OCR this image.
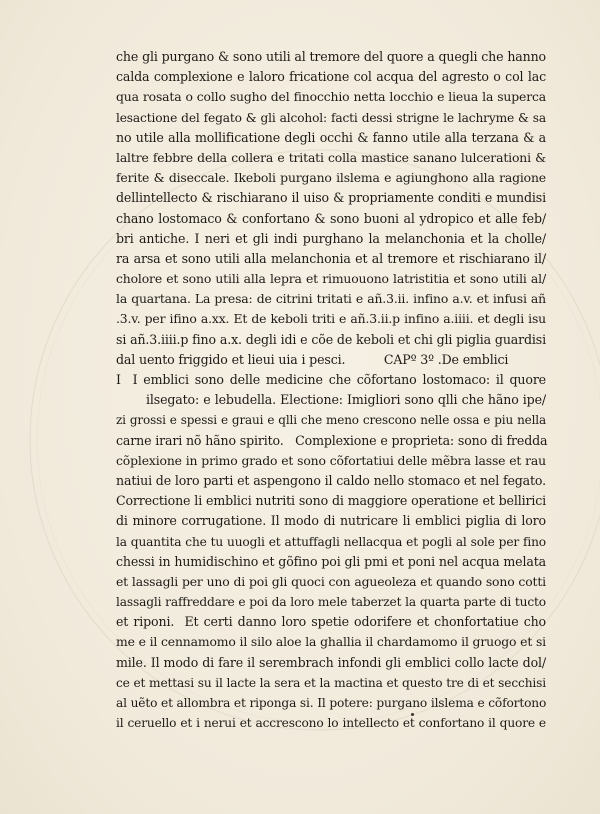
che gli purgano & sono utili al tremore del quore a quegli che hanno
calda complexione e laloro fricatione col acqua del agresto o col lac
qua rosata o collo sugho del finocchio netta locchio e lieua la superca
lesactione del fegato & gli alcohol: facti dessi strigne le lachryme & sa
no utile alla mollificatione degli occhi & fanno utile alla terzana & a
laltre febbre della collera e tritati colla mastice sanano lulcerationi &
ferite & diseccale. Ikeboli purgano ilslema e agiunghono alla ragione
dellintellecto & rischiarano il uiso & propriamente conditi e mundisi
chano lostomaco & confortano & sono buoni al ydropico et alle feb/
bri antiche. I neri et gli indi purghano la melanchonia et la cholle/
ra arsa et sono utili alla melanchonia et al tremore et rischiarano il/
cholore et sono utili alla lepra et rimuouono latristitia et sono utili al/
la quartana. La presa: de citrini tritati e añ.3.ii. infino a.v. et infusi añ
.3.v. per ifino a.xx. Et de keboli triti e añ.3.ii.p infino a.iiii. et degli isu
si añ.3.iiii.p fino a.x. degli idi e cõe de keboli et chi gli piglia guardisi
dal uento friggido et lieui uia i pesci.          CAPº 3º .De emblici
I  I emblici sono delle medicine che cõfortano lostomaco: il quore
ilsegato: e lebudella. Electione: Imigliori sono qlli che hãno ipe/
zi grossi e spessi e graui e qlli che meno crescono nelle ossa e piu nella
carne irari nõ hãno spirito.   Complexione e proprieta: sono di fredda
cõplexione in primo grado et sono cõfortatiui delle mẽbra lasse et rau
natiui de loro parti et aspengono il caldo nello stomaco et nel fegato.
Correctione li emblici nutriti sono di maggiore operatione et bellirici
di minore corrugatione. Il modo di nutricare li emblici piglia di loro
la quantita che tu uuogli et attuffagli nellacqua et pogli al sole per fino
chessi in humidischino et gõfino poi gli pmi et poni nel acqua melata
et lassagli per uno di poi gli quoci con agueoleza et quando sono cotti
lassagli raffreddare e poi da loro mele taberzet la quarta parte di tucto
et riponi.  Et certi danno loro spetie odorifere et chonfortatiue cho
me e il cennamomo il silo aloe la ghallia il chardamomo il gruogo et si
mile. Il modo di fare il serembrach infondi gli emblici collo lacte dol/
ce et mettasi su il lacte la sera et la mactina et questo tre di et secchisi
al uẽto et allombra et riponga si. Il potere: purgano ilslema e cõfortono
il ceruello et i nerui et accrescono lo intellecto et confortano il quore e
